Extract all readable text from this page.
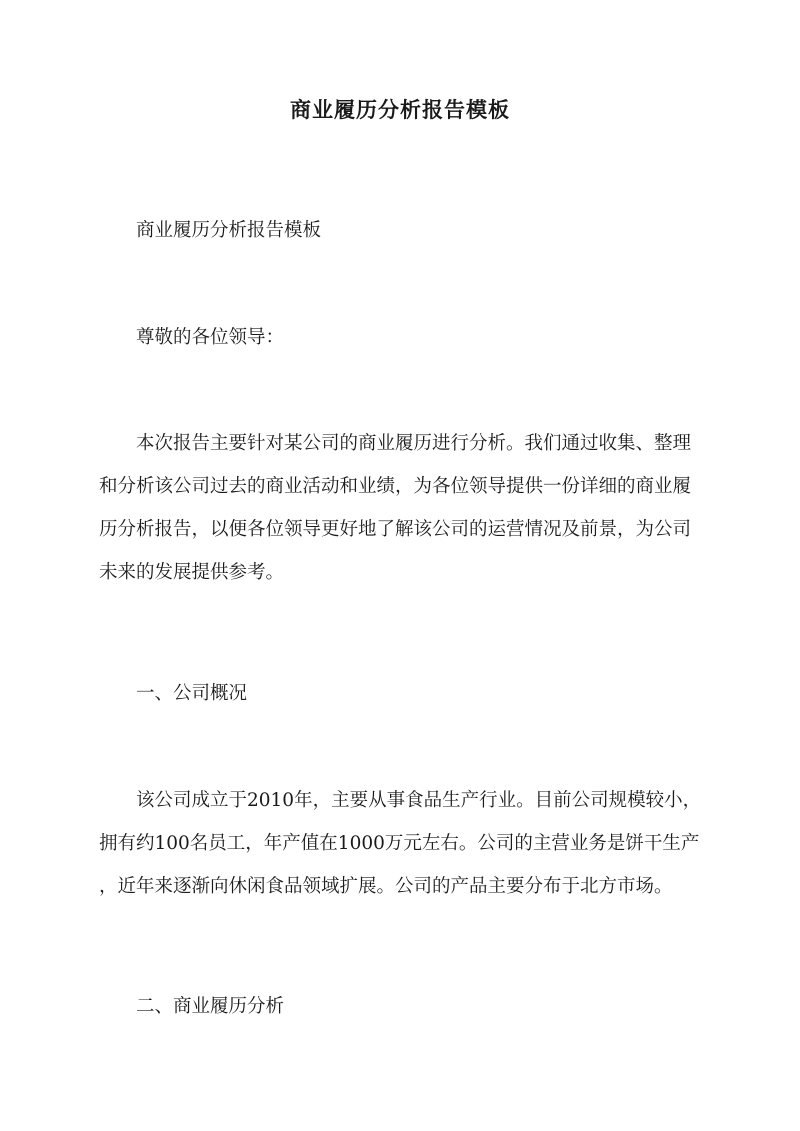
商业履历分析报告模板

商业履历分析报告模板

尊敬的各位领导：

本次报告主要针对某公司的商业履历进行分析。我们通过收集、整理
和分析该公司过去的商业活动和业绩，为各位领导提供一份详细的商业履
历分析报告，以便各位领导更好地了解该公司的运营情况及前景，为公司
未来的发展提供参考。

一、公司概况

该公司成立于2010年，主要从事食品生产行业。目前公司规模较小，
拥有约100名员工，年产值在1000万元左右。公司的主营业务是饼干生产
，近年来逐渐向休闲食品领域扩展。公司的产品主要分布于北方市场。

二、商业履历分析
